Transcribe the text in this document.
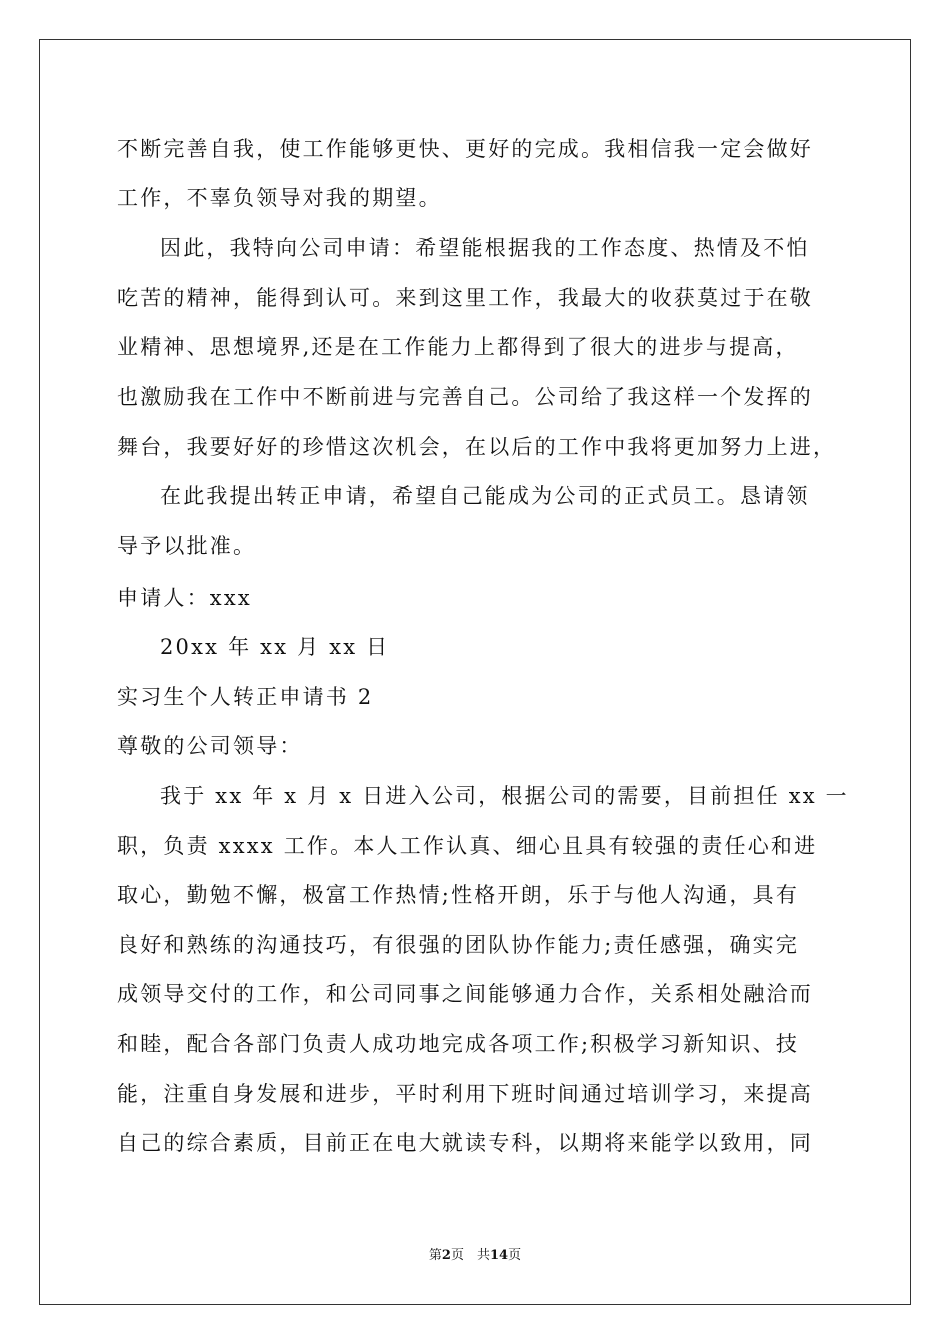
不断完善自我，使工作能够更快、更好的完成。我相信我一定会做好
工作，不辜负领导对我的期望。
因此，我特向公司申请：希望能根据我的工作态度、热情及不怕
吃苦的精神，能得到认可。来到这里工作，我最大的收获莫过于在敬
业精神、思想境界,还是在工作能力上都得到了很大的进步与提高，
也激励我在工作中不断前进与完善自己。公司给了我这样一个发挥的
舞台，我要好好的珍惜这次机会，在以后的工作中我将更加努力上进，
在此我提出转正申请，希望自己能成为公司的正式员工。恳请领
导予以批准。
申请人：xxx
20xx 年 xx 月 xx 日
实习生个人转正申请书 2
尊敬的公司领导：
我于 xx 年 x 月 x 日进入公司，根据公司的需要，目前担任 xx 一
职，负责 xxxx 工作。本人工作认真、细心且具有较强的责任心和进
取心，勤勉不懈，极富工作热情;性格开朗，乐于与他人沟通，具有
良好和熟练的沟通技巧，有很强的团队协作能力;责任感强，确实完
成领导交付的工作，和公司同事之间能够通力合作，关系相处融洽而
和睦，配合各部门负责人成功地完成各项工作;积极学习新知识、技
能，注重自身发展和进步，平时利用下班时间通过培训学习，来提高
自己的综合素质，目前正在电大就读专科，以期将来能学以致用，同
第2页　共14页
